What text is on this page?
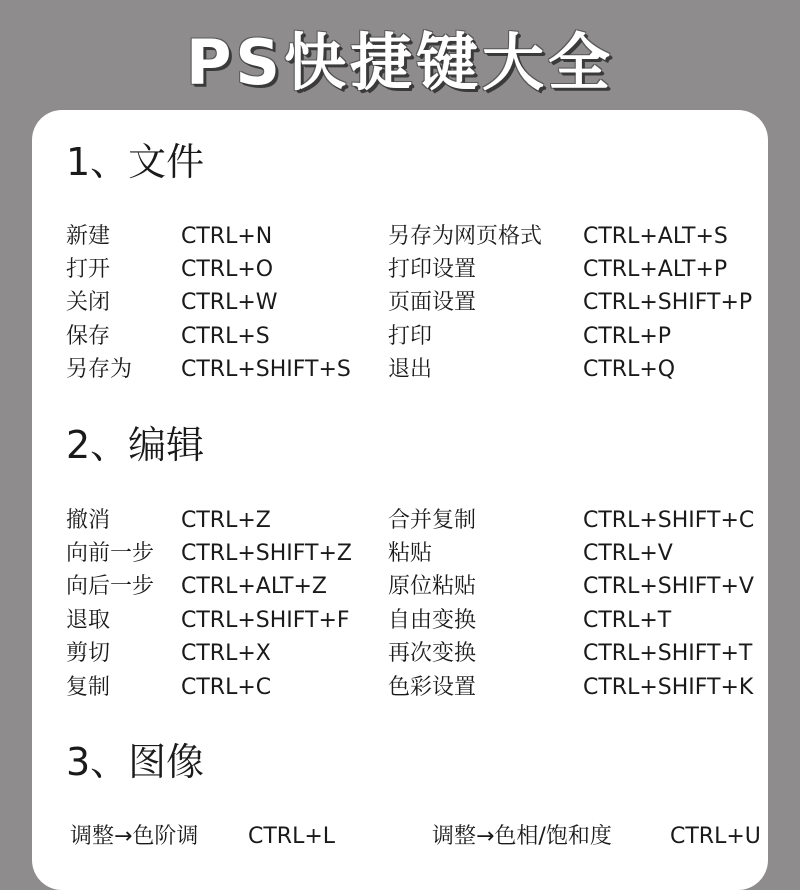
PS快捷键大全
1、文件
新建	CTRL+N	另存为网页格式 CTRL+ALT+S
打开	CTRL+O	打印设置	CTRL+ALT+P
关闭	CTRL+W	页面设置	CTRL+SHIFT+P
保存	CTRL+S	打印	CTRL+P
另存为 CTRL+SHIFT+S 退出	CTRL+Q
2、编辑
撤消	CTRL+Z	合并复制	CTRL+SHIFT+C
向前一步 CTRL+SHIFT+Z 粘贴	CTRL+V
向后一步 CTRL+ALT+Z	原位粘贴	CTRL+SHIFT+V
退取	CTRL+SHIFT+F 自由变换	CTRL+T
剪切	CTRL+X	再次变换	CTRL+SHIFT+T
复制	CTRL+C	色彩设置	CTRL+SHIFT+K
3、图像
调整→色阶调 CTRL+L	调整→色相/饱和度	CTRL+U
